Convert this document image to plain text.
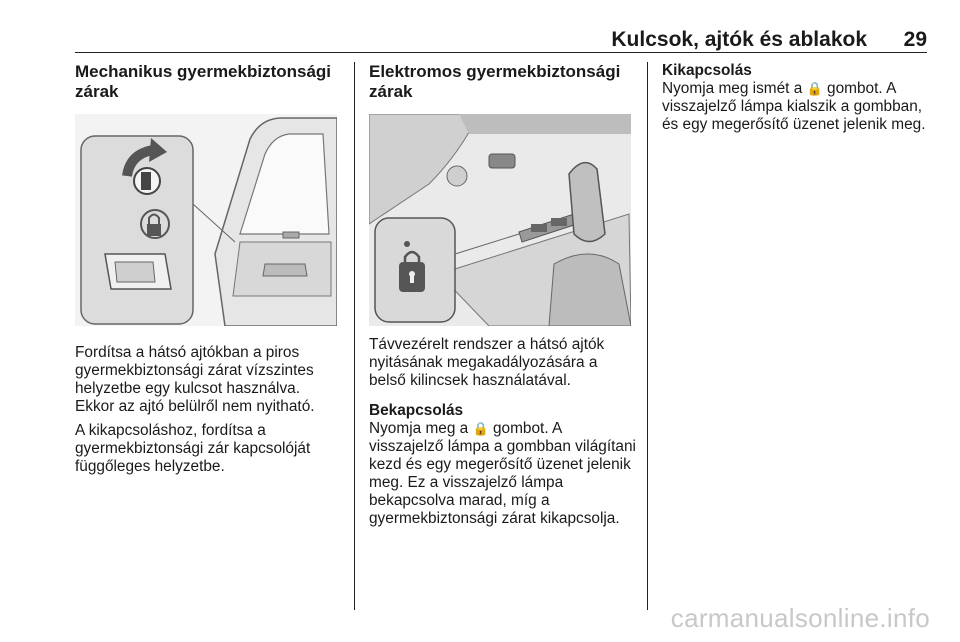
Kulcsok, ajtók és ablakok 29
Mechanikus gyermekbiztonsági zárak

Fordítsa a hátsó ajtókban a piros gyermekbiztonsági zárat vízszintes helyzetbe egy kulcsot használva. Ekkor az ajtó belülről nem nyitható.

A kikapcsoláshoz, fordítsa a gyermekbiztonsági zár kapcsolóját függőleges helyzetbe.

Elektromos gyermekbiztonsági zárak

Távvezérelt rendszer a hátsó ajtók nyitásának megakadályozására a belső kilincsek használatával.

Bekapcsolás

Nyomja meg a 🔒 gombot. A visszajelző lámpa a gombban világítani kezd és egy megerősítő üzenet jelenik meg. Ez a visszajelző lámpa bekapcsolva marad, míg a gyermekbiztonsági zárat kikapcsolja.

Kikapcsolás

Nyomja meg ismét a 🔒 gombot. A visszajelző lámpa kialszik a gombban, és egy megerősítő üzenet jelenik meg.

carmanualsonline.info
